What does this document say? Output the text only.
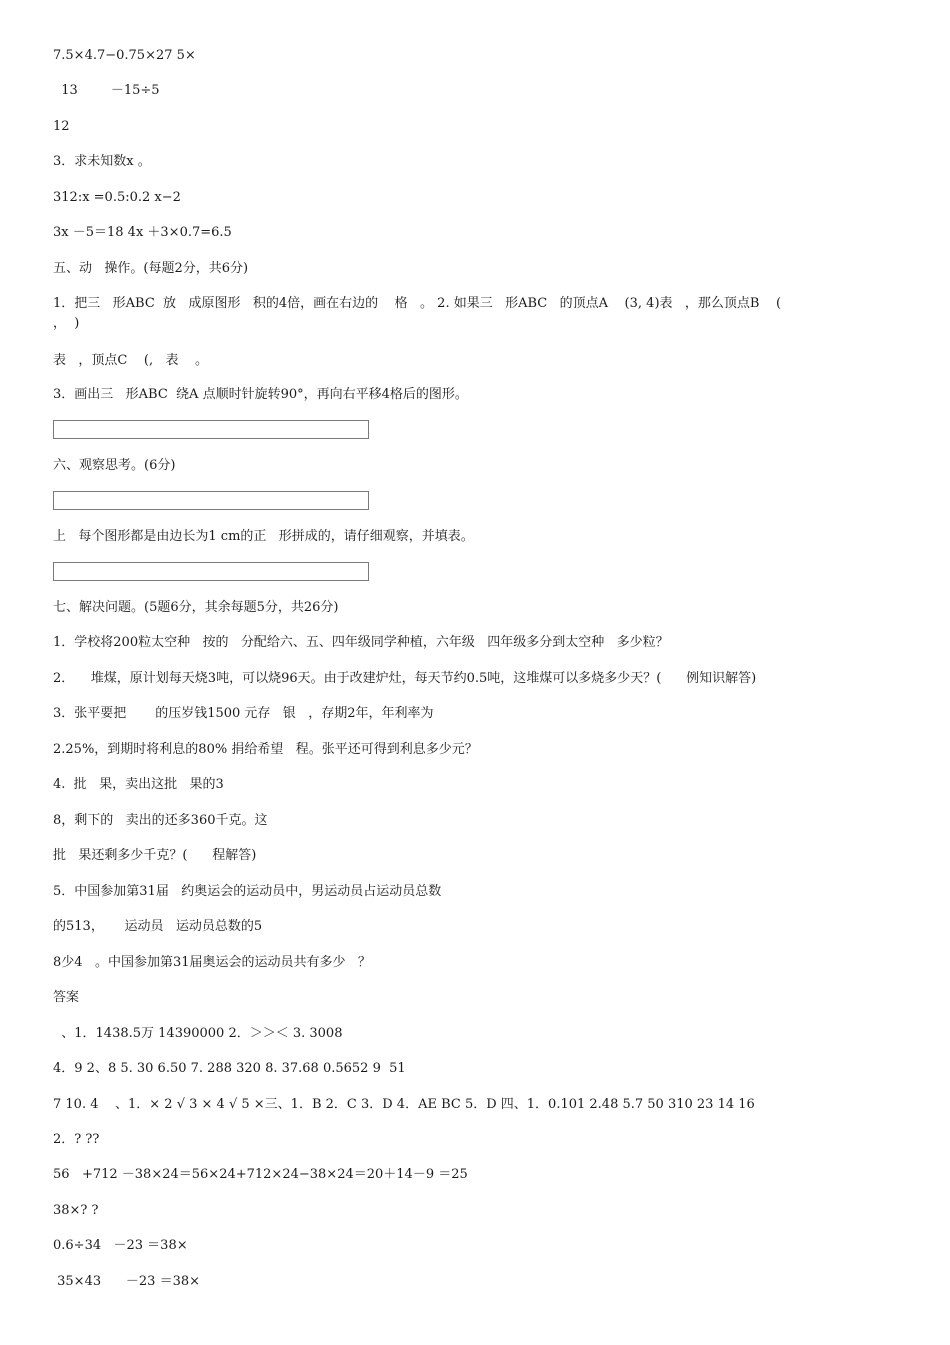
7.5×4.7−0.75×27 5×
13        －15÷5
12
3．求未知数x 。
312:x =0.5:0.2 x−2
3x －5＝18 4x ＋3×0.7=6.5
五、动   操作。(每题2分，共6分)
1．把三   形ABC  放   成原图形   积的4倍，画在右边的    格   。 2. 如果三   形ABC   的顶点A    (3, 4)表   ，那么顶点B    (
，  )
表   ，顶点C    (,   表    。
3．画出三   形ABC  绕A 点顺时针旋转90°，再向右平移4格后的图形。
六、观察思考。(6分)
上   每个图形都是由边长为1 cm的正   形拼成的，请仔细观察，并填表。
七、解决问题。(5题6分，其余每题5分，共26分)
1．学校将200粒太空种   按的   分配给六、五、四年级同学种植，六年级   四年级多分到太空种   多少粒？
2．    堆煤，原计划每天烧3吨，可以烧96天。由于改建炉灶，每天节约0.5吨，这堆煤可以多烧多少天？(      例知识解答)
3．张平要把       的压岁钱1500 元存   银   ，存期2年，年利率为
2.25%，到期时将利息的80% 捐给希望   程。张平还可得到利息多少元？
4.  批   果，卖出这批   果的3
8，剩下的   卖出的还多360千克。这
批   果还剩多少千克？(      程解答)
5．中国参加第31届   约奥运会的运动员中，男运动员占运动员总数
的513，     运动员   运动员总数的5
8少4   。中国参加第31届奥运会的运动员共有多少   ？
答案
、1．1438.5万 14390000 2．＞＞＜ 3. 3008
4．9 2、8 5. 30 6.50 7. 288 320 8. 37.68 0.5652 9  51
7 10. 4    、1．× 2 √ 3 × 4 √ 5 ×三、1．B 2．C 3．D 4．AE BC 5．D 四、1．0.101 2.48 5.7 50 310 23 14 16
2．? ??
56   +712 －38×24＝56×24+712×24−38×24＝20＋14－9 ＝25
38×? ?
0.6÷34   －23 ＝38×
35×43      －23 ＝38×
